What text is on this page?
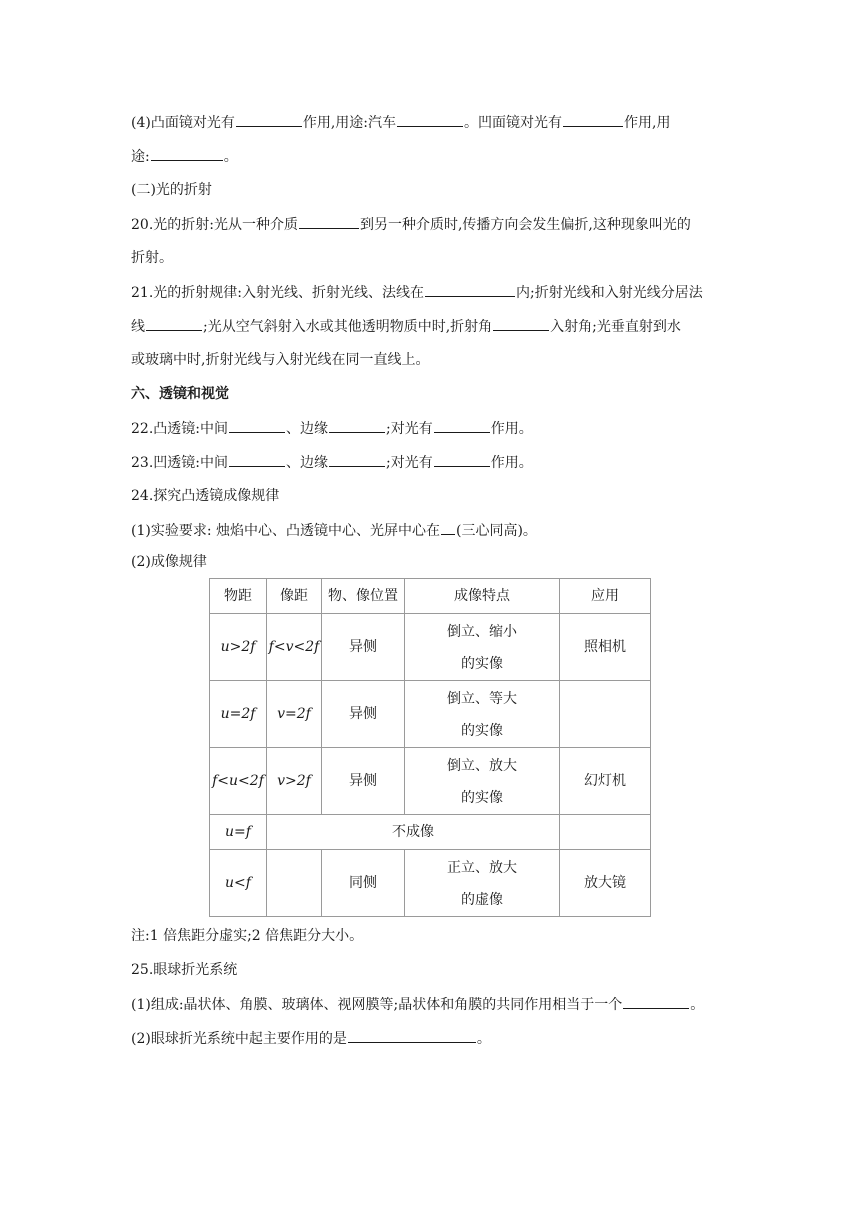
(4)凸面镜对光有	作用,用途:汽车	。凹面镜对光有	作用,用
途:	。
(二)光的折射
20.光的折射:光从一种介质	到另一种介质时,传播方向会发生偏折,这种现象叫光的
折射。
21.光的折射规律:入射光线、折射光线、法线在	内;折射光线和入射光线分居法
线	;光从空气斜射入水或其他透明物质中时,折射角	入射角;光垂直射到水
或玻璃中时,折射光线与入射光线在同一直线上。
六、透镜和视觉
22.凸透镜:中间	、边缘	;对光有	作用。
23.凹透镜:中间	、边缘	;对光有	作用。
24.探究凸透镜成像规律
(1)实验要求: 烛焰中心、凸透镜中心、光屏中心在 (三心同高)。
(2)成像规律
物距	像距	物、像位置	成像特点	应用
u>2f	f<v<2f	异侧	倒立、缩小
的实像	照相机
u=2f	v=2f	异侧	倒立、等大
的实像	

f<u<2f	v>2f	异侧	倒立、放大
的实像	幻灯机
u=f	不成像			
u<f		同侧	正立、放大
的虚像	放大镜
注:1 倍焦距分虚实;2 倍焦距分大小。
25.眼球折光系统
(1)组成:晶状体、角膜、玻璃体、视网膜等;晶状体和角膜的共同作用相当于一个	。
(2)眼球折光系统中起主要作用的是	。
